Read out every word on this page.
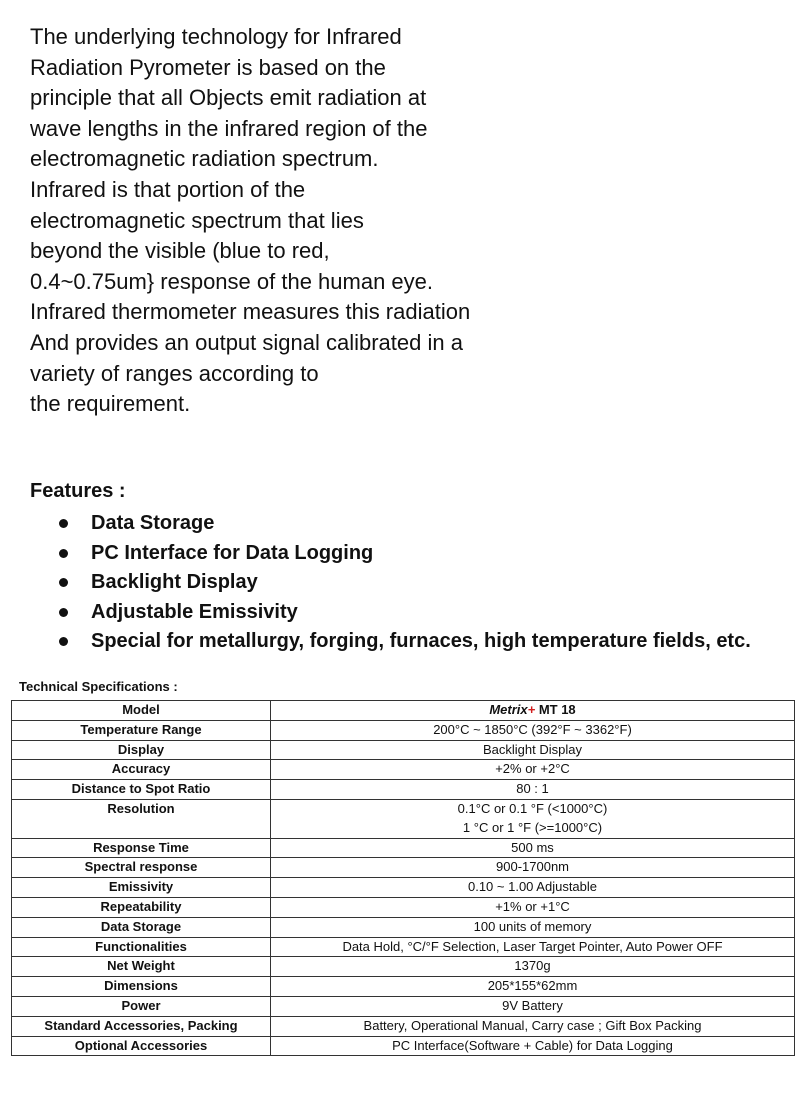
The underlying technology for Infrared
Radiation Pyrometer is based on the
principle that all Objects emit radiation at
wave lengths in the infrared region of the
electromagnetic radiation spectrum.
Infrared is that portion of the
electromagnetic spectrum that lies
beyond the visible (blue to red,
0.4~0.75um} response of the human eye.
Infrared thermometer measures this radiation
And provides an output signal calibrated in a
variety of ranges according to
the requirement.
Features :
Data Storage
PC Interface for Data Logging
Backlight Display
Adjustable Emissivity
Special for metallurgy, forging, furnaces, high temperature fields, etc.
Technical Specifications :
Model	Metrix+ MT 18
Temperature Range	200°C ~ 1850°C (392°F ~ 3362°F)
Display	Backlight Display
Accuracy	+2% or +2°C
Distance to Spot Ratio	80 : 1
Resolution	0.1°C or 0.1 °F (<1000°C)
1 °C or 1 °F (>=1000°C)

Response Time	500 ms
Spectral response	900-1700nm
Emissivity	0.10 ~ 1.00 Adjustable
Repeatability	+1% or +1°C
Data Storage	100 units of memory
Functionalities	Data Hold, °C/°F Selection, Laser Target Pointer, Auto Power OFF
Net Weight	1370g
Dimensions	205*155*62mm
Power	9V Battery
Standard Accessories, Packing	Battery, Operational Manual, Carry case ; Gift Box Packing
Optional Accessories	PC Interface(Software + Cable) for Data Logging
